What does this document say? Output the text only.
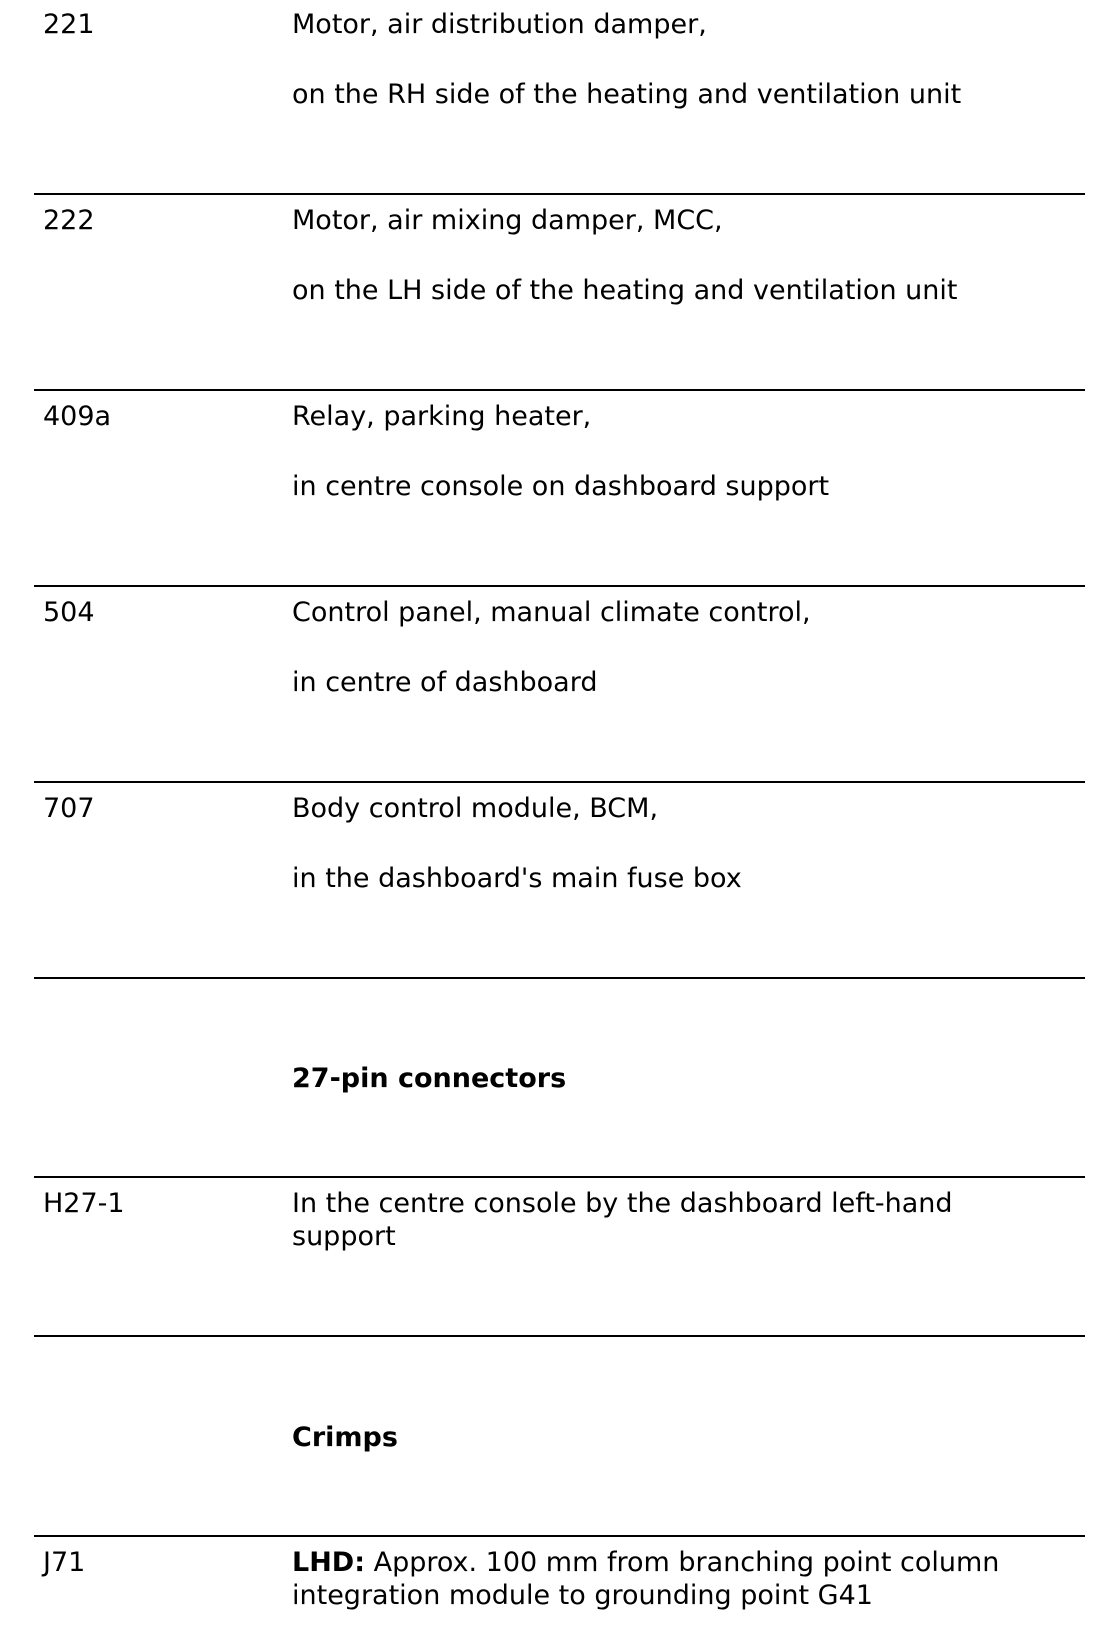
221	Motor, air distribution damper,
on the RH side of the heating and ventilation unit
222	Motor, air mixing damper, MCC,
on the LH side of the heating and ventilation unit
409a	Relay, parking heater,
in centre console on dashboard support
504	Control panel, manual climate control,
in centre of dashboard
707	Body control module, BCM,
in the dashboard's main fuse box
27-pin connectors
H27-1	In the centre console by the dashboard left-hand support
Crimps
J71	LHD: Approx. 100 mm from branching point column integration module to grounding point G41
